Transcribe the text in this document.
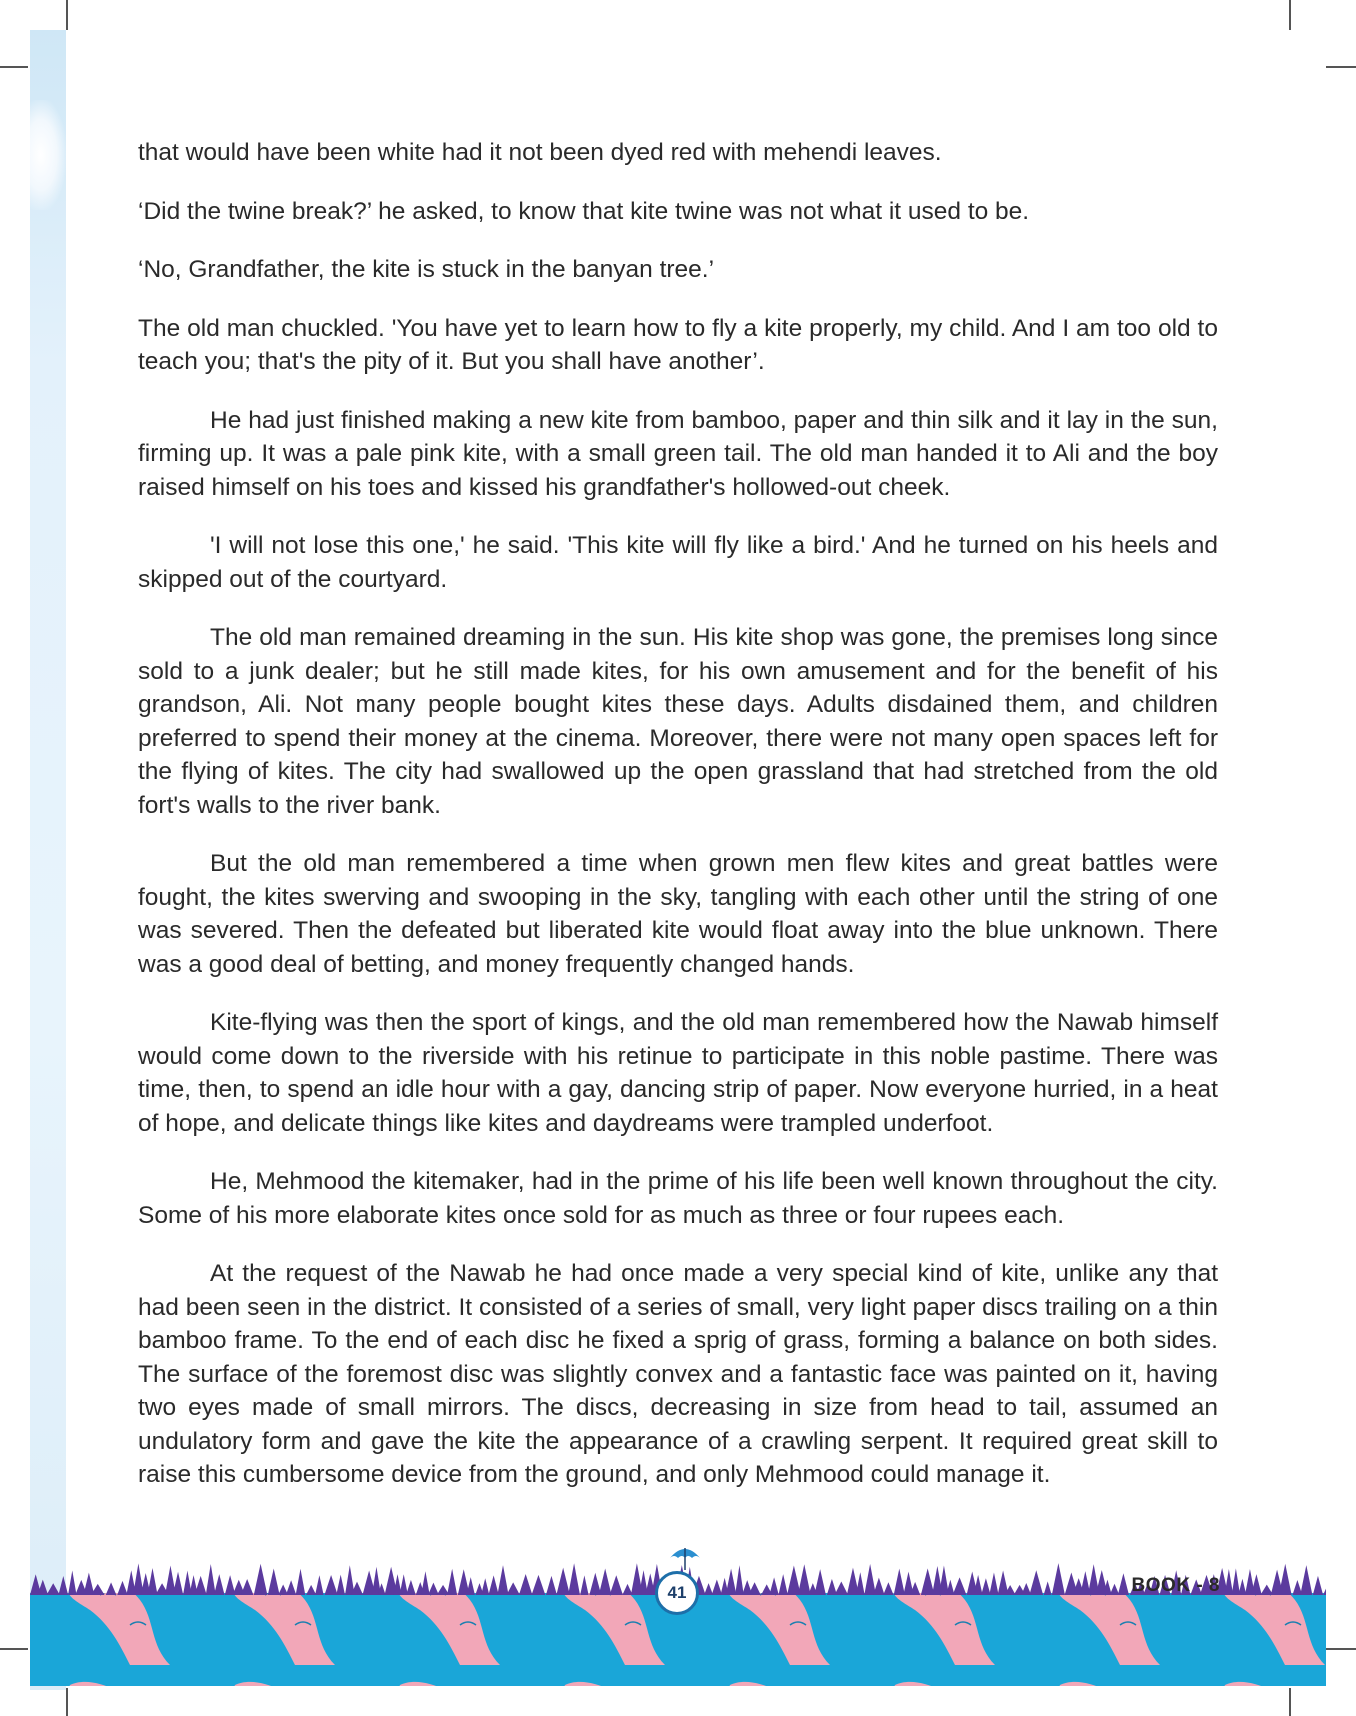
that would have been white had it not been dyed red with mehendi leaves.

‘Did the twine break?’ he asked, to know that kite twine was not what it used to be.

‘No, Grandfather, the kite is stuck in the banyan tree.’

The old man chuckled. 'You have yet to learn how to fly a kite properly, my child. And I am too old to teach you; that's the pity of it. But you shall have another’.

He had just finished making a new kite from bamboo, paper and thin silk and it lay in the sun, firming up. It was a pale pink kite, with a small green tail. The old man handed it to Ali and the boy raised himself on his toes and kissed his grandfather's hollowed-out cheek.

'I will not lose this one,' he said. 'This kite will fly like a bird.' And he turned on his heels and skipped out of the courtyard.

The old man remained dreaming in the sun. His kite shop was gone, the premises long since sold to a junk dealer; but he still made kites, for his own amusement and for the benefit of his grandson, Ali. Not many people bought kites these days. Adults disdained them, and children preferred to spend their money at the cinema. Moreover, there were not many open spaces left for the flying of kites. The city had swallowed up the open grassland that had stretched from the old fort's walls to the river bank.

But the old man remembered a time when grown men flew kites and great battles were fought, the kites swerving and swooping in the sky, tangling with each other until the string of one was severed. Then the defeated but liberated kite would float away into the blue unknown. There was a good deal of betting, and money frequently changed hands.

Kite-flying was then the sport of kings, and the old man remembered how the Nawab himself would come down to the riverside with his retinue to participate in this noble pastime. There was time, then, to spend an idle hour with a gay, dancing strip of paper. Now everyone hurried, in a heat of hope, and delicate things like kites and daydreams were trampled underfoot.

He, Mehmood the kitemaker, had in the prime of his life been well known throughout the city. Some of his more elaborate kites once sold for as much as three or four rupees each.

At the request of the Nawab he had once made a very special kind of kite, unlike any that had been seen in the district. It consisted of a series of small, very light paper discs trailing on a thin bamboo frame. To the end of each disc he fixed a sprig of grass, forming a balance on both sides. The surface of the foremost disc was slightly convex and a fantastic face was painted on it, having two eyes made of small mirrors. The discs, decreasing in size from head to tail, assumed an undulatory form and gave the kite the appearance of a crawling serpent. It required great skill to raise this cumbersome device from the ground, and only Mehmood could manage it.

41	BOOK - 8
